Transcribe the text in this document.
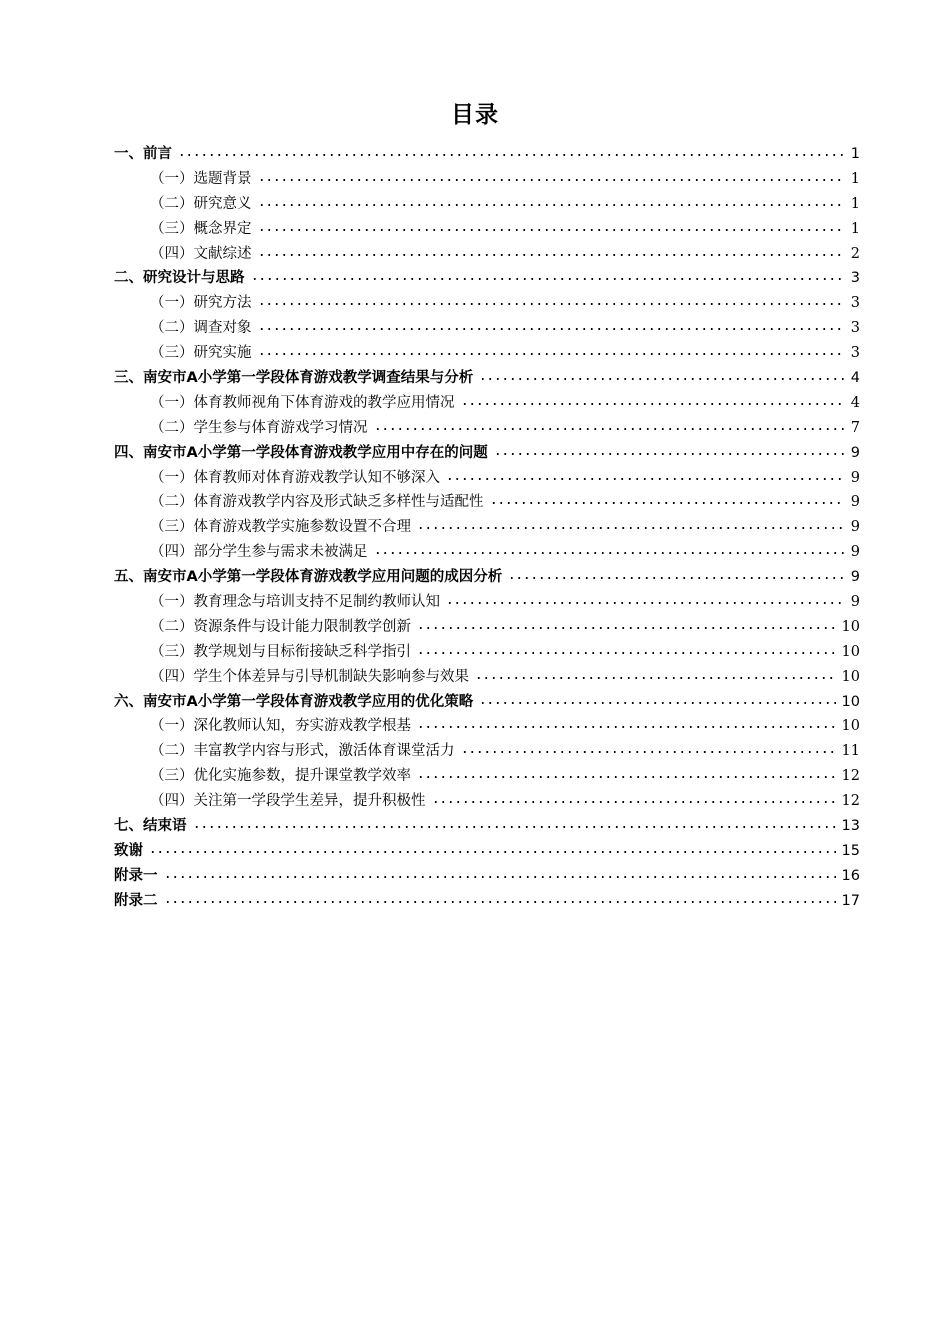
目录
一、前言	1
（一）选题背景	1
（二）研究意义	1
（三）概念界定	1
（四）文献综述	2
二、研究设计与思路	3
（一）研究方法	3
（二）调查对象	3
（三）研究实施	3
三、南安市A小学第一学段体育游戏教学调查结果与分析	4
（一）体育教师视角下体育游戏的教学应用情况	4
（二）学生参与体育游戏学习情况	7
四、南安市A小学第一学段体育游戏教学应用中存在的问题	9
（一）体育教师对体育游戏教学认知不够深入	9
（二）体育游戏教学内容及形式缺乏多样性与适配性	9
（三）体育游戏教学实施参数设置不合理	9
（四）部分学生参与需求未被满足	9
五、南安市A小学第一学段体育游戏教学应用问题的成因分析	9
（一）教育理念与培训支持不足制约教师认知	9
（二）资源条件与设计能力限制教学创新	10
（三）教学规划与目标衔接缺乏科学指引	10
（四）学生个体差异与引导机制缺失影响参与效果	10
六、南安市A小学第一学段体育游戏教学应用的优化策略	10
（一）深化教师认知，夯实游戏教学根基	10
（二）丰富教学内容与形式，激活体育课堂活力	11
（三）优化实施参数，提升课堂教学效率	12
（四）关注第一学段学生差异，提升积极性	12
七、结束语	13
致谢	15
附录一	16
附录二	17
